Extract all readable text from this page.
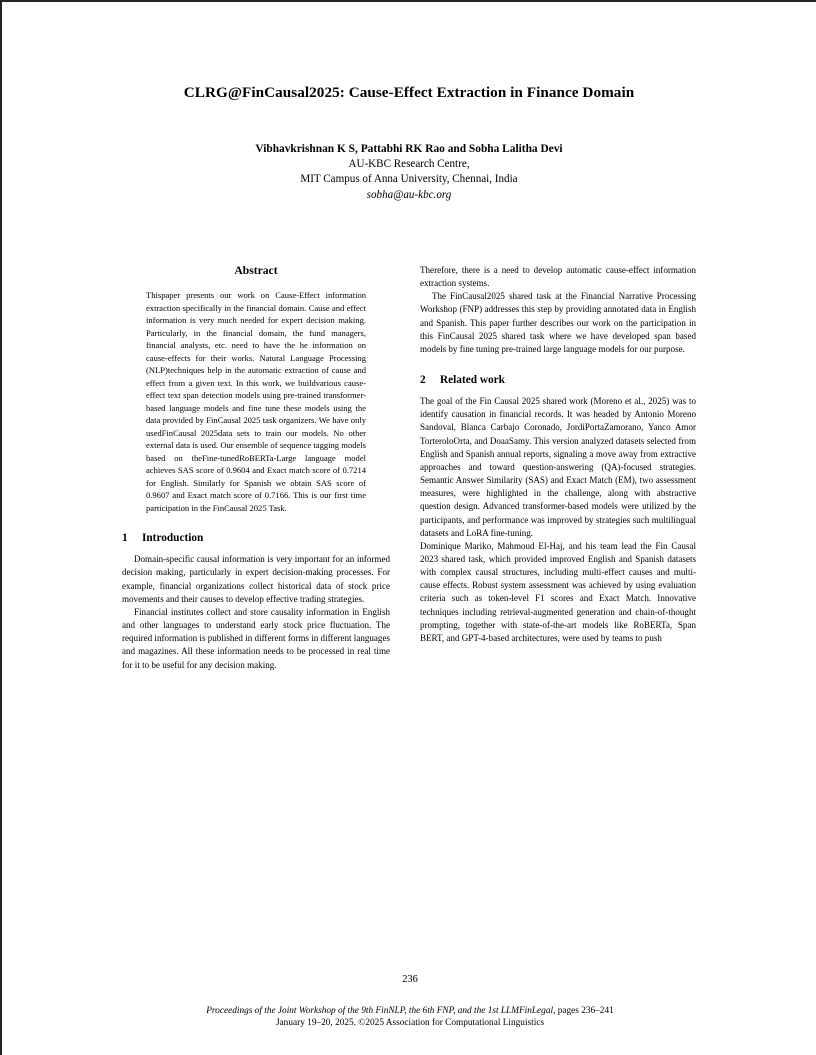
CLRG@FinCausal2025: Cause-Effect Extraction in Finance Domain
Vibhavkrishnan K S, Pattabhi RK Rao and Sobha Lalitha Devi
AU-KBC Research Centre,
MIT Campus of Anna University, Chennai, India
sobha@au-kbc.org
Abstract
Thispaper presents our work on Cause-Effect information extraction specifically in the financial domain. Cause and effect information is very much needed for expert decision making. Particularly, in the financial domain, the fund managers, financial analysts, etc. need to have the he information on cause-effects for their works. Natural Language Processing (NLP)techniques help in the automatic extraction of cause and effect from a given text. In this work, we buildvarious cause-effect text span detection models using pre-trained transformer-based language models and fine tune these models using the data provided by FinCausal 2025 task organizers. We have only usedFinCausal 2025data sets to train our models. No other external data is used. Our ensemble of sequence tagging models based on theFine-tunedRoBERTa-Large language model achieves SAS score of 0.9604 and Exact match score of 0.7214 for English. Similarly for Spanish we obtain SAS score of 0.9607 and Exact match score of 0.7166. This is our first time participation in the FinCausal 2025 Task.
1	Introduction

Domain-specific causal information is very important for an informed decision making, particularly in expert decision-making processes. For example, financial organizations collect historical data of stock price movements and their causes to develop effective trading strategies.

Financial institutes collect and store causality information in English and other languages to understand early stock price fluctuation. The required information is published in different forms in different languages and magazines. All these information needs to be processed in real time for it to be useful for any decision making.

Therefore, there is a need to develop automatic cause-effect information extraction systems.

The FinCausal2025 shared task at the Financial Narrative Processing Workshop (FNP) addresses this step by providing annotated data in English and Spanish. This paper further describes our work on the participation in this FinCausal 2025 shared task where we have developed span based models by fine tuning pre-trained large language models for our purpose.

2	Related work

The goal of the Fin Causal 2025 shared work (Moreno et al., 2025) was to identify causation in financial records. It was headed by Antonio Moreno Sandoval, Blanca Carbajo Coronado, JordiPortaZamorano, Yanco Amor TorteroloOrta, and DoaaSamy. This version analyzed datasets selected from English and Spanish annual reports, signaling a move away from extractive approaches and toward question-answering (QA)-focused strategies. Semantic Answer Similarity (SAS) and Exact Match (EM), two assessment measures, were highlighted in the challenge, along with abstractive question design. Advanced transformer-based models were utilized by the participants, and performance was improved by strategies such multilingual datasets and LoRA fine-tuning.

Dominique Mariko, Mahmoud El-Haj, and his team lead the Fin Causal 2023 shared task, which provided improved English and Spanish datasets with complex causal structures, including multi-effect causes and multi-cause effects. Robust system assessment was achieved by using evaluation criteria such as token-level F1 scores and Exact Match. Innovative techniques including retrieval-augmented generation and chain-of-thought prompting, together with state-of-the-art models like RoBERTa, Span BERT, and GPT-4-based architectures, were used by teams to push

236
Proceedings of the Joint Workshop of the 9th FinNLP, the 6th FNP, and the 1st LLMFinLegal, pages 236–241
January 19–20, 2025. ©2025 Association for Computational Linguistics
